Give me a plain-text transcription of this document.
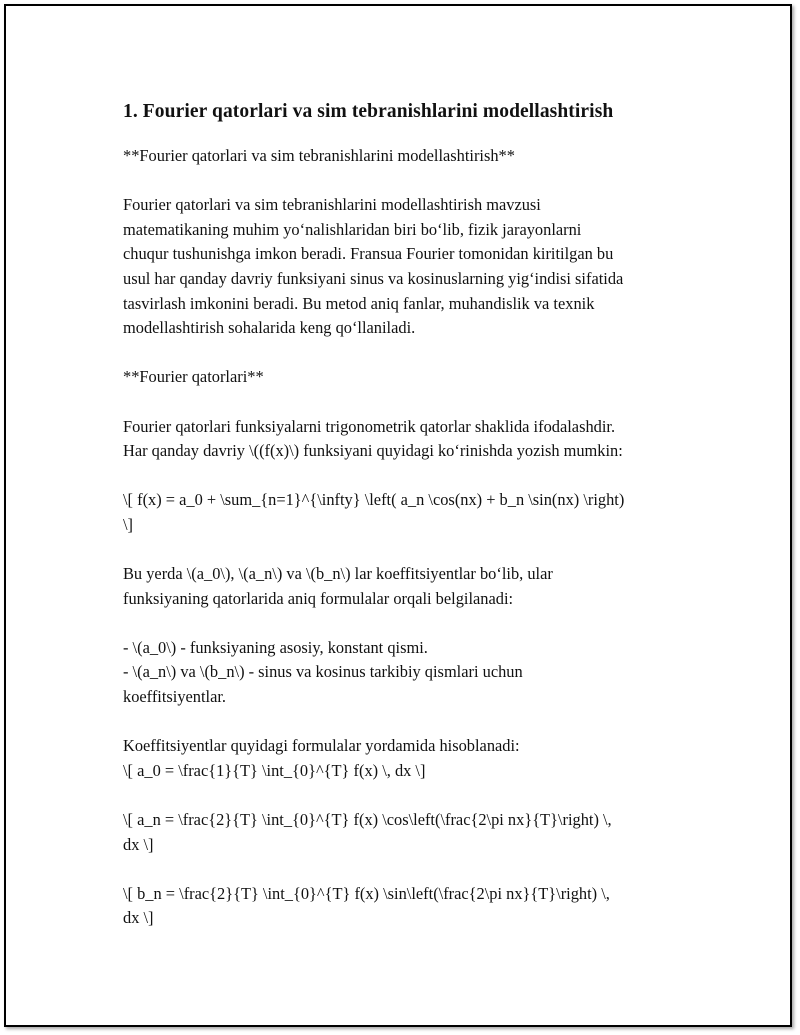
1. Fourier qatorlari va sim tebranishlarini modellashtirish

**Fourier qatorlari va sim tebranishlarini modellashtirish**

Fourier qatorlari va sim tebranishlarini modellashtirish mavzusi
matematikaning muhim yo‘nalishlaridan biri bo‘lib, fizik jarayonlarni
chuqur tushunishga imkon beradi. Fransua Fourier tomonidan kiritilgan bu
usul har qanday davriy funksiyani sinus va kosinuslarning yig‘indisi sifatida
tasvirlash imkonini beradi. Bu metod aniq fanlar, muhandislik va texnik
modellashtirish sohalarida keng qo‘llaniladi.

**Fourier qatorlari**

Fourier qatorlari funksiyalarni trigonometrik qatorlar shaklida ifodalashdir.
Har qanday davriy \((f(x)\) funksiyani quyidagi ko‘rinishda yozish mumkin:

\[ f(x) = a_0 + \sum_{n=1}^{\infty} \left( a_n \cos(nx) + b_n \sin(nx) \right)
\]

Bu yerda \(a_0\), \(a_n\) va \(b_n\) lar koeffitsiyentlar bo‘lib, ular
funksiyaning qatorlarida aniq formulalar orqali belgilanadi:

- \(a_0\) - funksiyaning asosiy, konstant qismi.
- \(a_n\) va \(b_n\) - sinus va kosinus tarkibiy qismlari uchun
koeffitsiyentlar.

Koeffitsiyentlar quyidagi formulalar yordamida hisoblanadi:
\[ a_0 = \frac{1}{T} \int_{0}^{T} f(x) \, dx \]

\[ a_n = \frac{2}{T} \int_{0}^{T} f(x) \cos\left(\frac{2\pi nx}{T}\right) \,
dx \]

\[ b_n = \frac{2}{T} \int_{0}^{T} f(x) \sin\left(\frac{2\pi nx}{T}\right) \,
dx \]
